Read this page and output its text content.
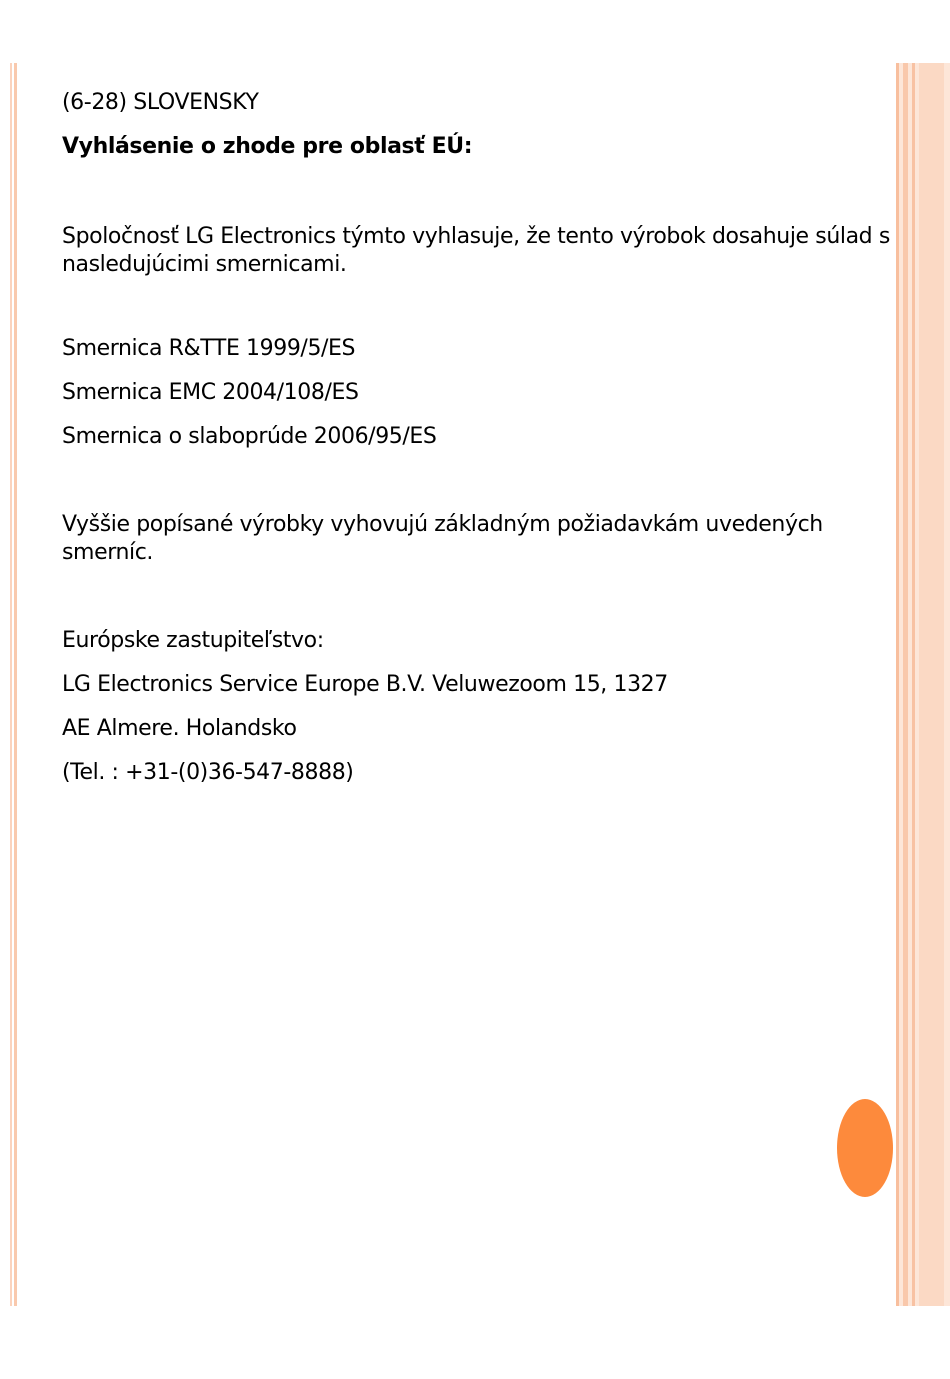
(6-28) SLOVENSKY

Vyhlásenie o zhode pre oblasť EÚ:

Spoločnosť LG Electronics týmto vyhlasuje, že tento výrobok dosahuje súlad s

nasledujúcimi smernicami.

Smernica R&TTE 1999/5/ES

Smernica EMC 2004/108/ES

Smernica o slaboprúde 2006/95/ES

Vyššie popísané výrobky vyhovujú základným požiadavkám uvedených

smerníc.

Európske zastupiteľstvo:

LG Electronics Service Europe B.V. Veluwezoom 15, 1327

AE Almere. Holandsko

(Tel. : +31-(0)36-547-8888)
